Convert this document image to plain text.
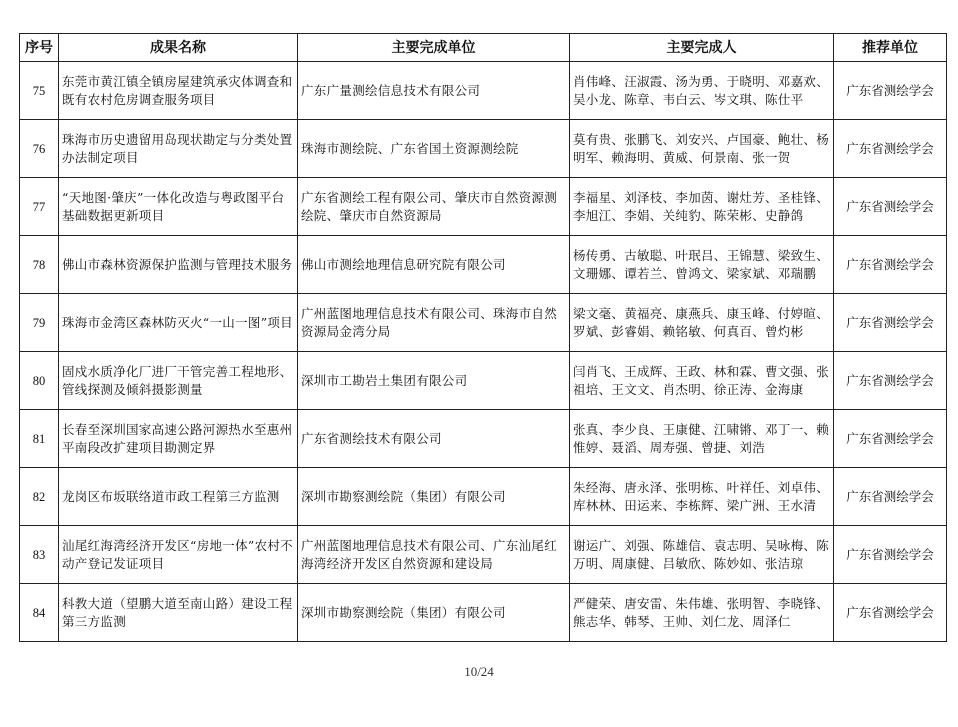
序号	成果名称	主要完成单位	主要完成人	推荐单位
75	东莞市黄江镇全镇房屋建筑承灾体调查和既有农村危房调查服务项目	广东广量测绘信息技术有限公司	肖伟峰、汪淑霞、汤为勇、于晓明、邓嘉欢、吴小龙、陈章、韦白云、岑文琪、陈仕平	广东省测绘学会
76	珠海市历史遗留用岛现状勘定与分类处置办法制定项目	珠海市测绘院、广东省国土资源测绘院	莫有贵、张鹏飞、刘安兴、卢国豪、鲍壮、杨明军、赖海明、黄威、何景南、张一贺	广东省测绘学会
77	“天地图·肇庆”一体化改造与粤政图平台基础数据更新项目	广东省测绘工程有限公司、肇庆市自然资源测绘院、肇庆市自然资源局	李福星、刘泽枝、李加茵、谢灶芳、圣桂锋、李旭江、李娟、关纯豹、陈荣彬、史静鸽	广东省测绘学会
78	佛山市森林资源保护监测与管理技术服务	佛山市测绘地理信息研究院有限公司	杨传勇、古敏聪、叶珉吕、王锦慧、梁致生、文珊娜、谭若兰、曾鸿文、梁家斌、邓瑞鹏	广东省测绘学会
79	珠海市金湾区森林防灭火“一山一图”项目	广州蓝图地理信息技术有限公司、珠海市自然资源局金湾分局	梁文毫、黄福亮、康燕兵、康玉峰、付婷暄、罗斌、彭睿娟、赖铭敏、何真百、曾灼彬	广东省测绘学会
80	固戍水质净化厂进厂干管完善工程地形、管线探测及倾斜摄影测量	深圳市工勘岩土集团有限公司	闫肖飞、王成辉、王政、林和霖、曹文强、张祖培、王文文、肖杰明、徐正涛、金海康	广东省测绘学会
81	长春至深圳国家高速公路河源热水至惠州平南段改扩建项目勘测定界	广东省测绘技术有限公司	张真、李少良、王康健、江啸锵、邓丁一、赖惟婷、聂滔、周寿强、曾捷、刘浩	广东省测绘学会
82	龙岗区布坂联络道市政工程第三方监测	深圳市勘察测绘院（集团）有限公司	朱经海、唐永泽、张明栋、叶祥任、刘卓伟、库林林、田运来、李栋辉、梁广洲、王水清	广东省测绘学会
83	汕尾红海湾经济开发区“房地一体”农村不动产登记发证项目	广州蓝图地理信息技术有限公司、广东汕尾红海湾经济开发区自然资源和建设局	谢运广、刘强、陈雄信、袁志明、吴咏梅、陈万明、周康健、吕敏欣、陈妙如、张洁琼	广东省测绘学会
84	科教大道（望鹏大道至南山路）建设工程第三方监测	深圳市勘察测绘院（集团）有限公司	严健荣、唐安雷、朱伟雄、张明智、李晓锋、熊志华、韩琴、王帅、刘仁龙、周泽仁	广东省测绘学会
10/24
